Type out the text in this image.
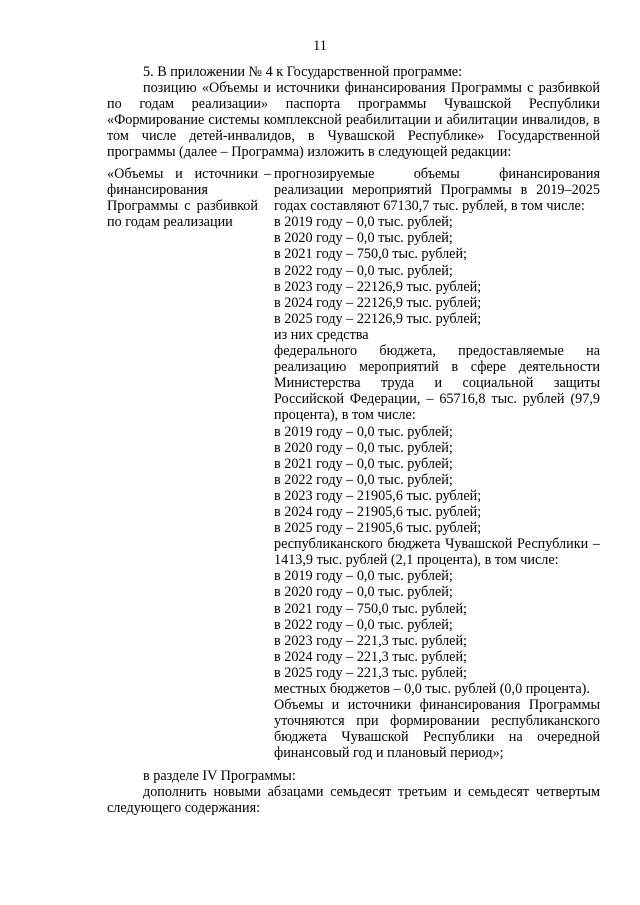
11

5. В приложении № 4 к Государственной программе:

позицию «Объемы и источники финансирования Программы с разбивкой по годам реализации» паспорта программы Чувашской Республики «Формирование системы комплексной реабилитации и абилитации инвалидов, в том числе детей-инвалидов, в Чувашской Республике» Государственной программы (далее – Программа) изложить в следующей редакции:

«Объемы и источники финансирования Программы с разбивкой по годам реализации
– прогнозируемые объемы финансирования реализации мероприятий Программы в 2019–2025 годах составляют 67130,7 тыс. рублей, в том числе:

в 2019 году – 0,0 тыс. рублей;
в 2020 году – 0,0 тыс. рублей;
в 2021 году – 750,0 тыс. рублей;
в 2022 году – 0,0 тыс. рублей;
в 2023 году – 22126,9 тыс. рублей;
в 2024 году – 22126,9 тыс. рублей;
в 2025 году – 22126,9 тыс. рублей;

из них средства

федерального бюджета, предоставляемые на реализацию мероприятий в сфере деятельности Министерства труда и социальной защиты Российской Федерации, – 65716,8 тыс. рублей (97,9 процента), в том числе:

в 2019 году – 0,0 тыс. рублей;
в 2020 году – 0,0 тыс. рублей;
в 2021 году – 0,0 тыс. рублей;
в 2022 году – 0,0 тыс. рублей;
в 2023 году – 21905,6 тыс. рублей;
в 2024 году – 21905,6 тыс. рублей;
в 2025 году – 21905,6 тыс. рублей;

республиканского бюджета Чувашской Республики – 1413,9 тыс. рублей (2,1 процента), в том числе:

в 2019 году – 0,0 тыс. рублей;
в 2020 году – 0,0 тыс. рублей;
в 2021 году – 750,0 тыс. рублей;
в 2022 году – 0,0 тыс. рублей;
в 2023 году – 221,3 тыс. рублей;
в 2024 году – 221,3 тыс. рублей;
в 2025 году – 221,3 тыс. рублей;

местных бюджетов – 0,0 тыс. рублей (0,0 процента).

Объемы и источники финансирования Программы уточняются при формировании республиканского бюджета Чувашской Республики на очередной финансовый год и плановый период»;

в разделе IV Программы:

дополнить новыми абзацами семьдесят третьим и семьдесят четвертым следующего содержания:
